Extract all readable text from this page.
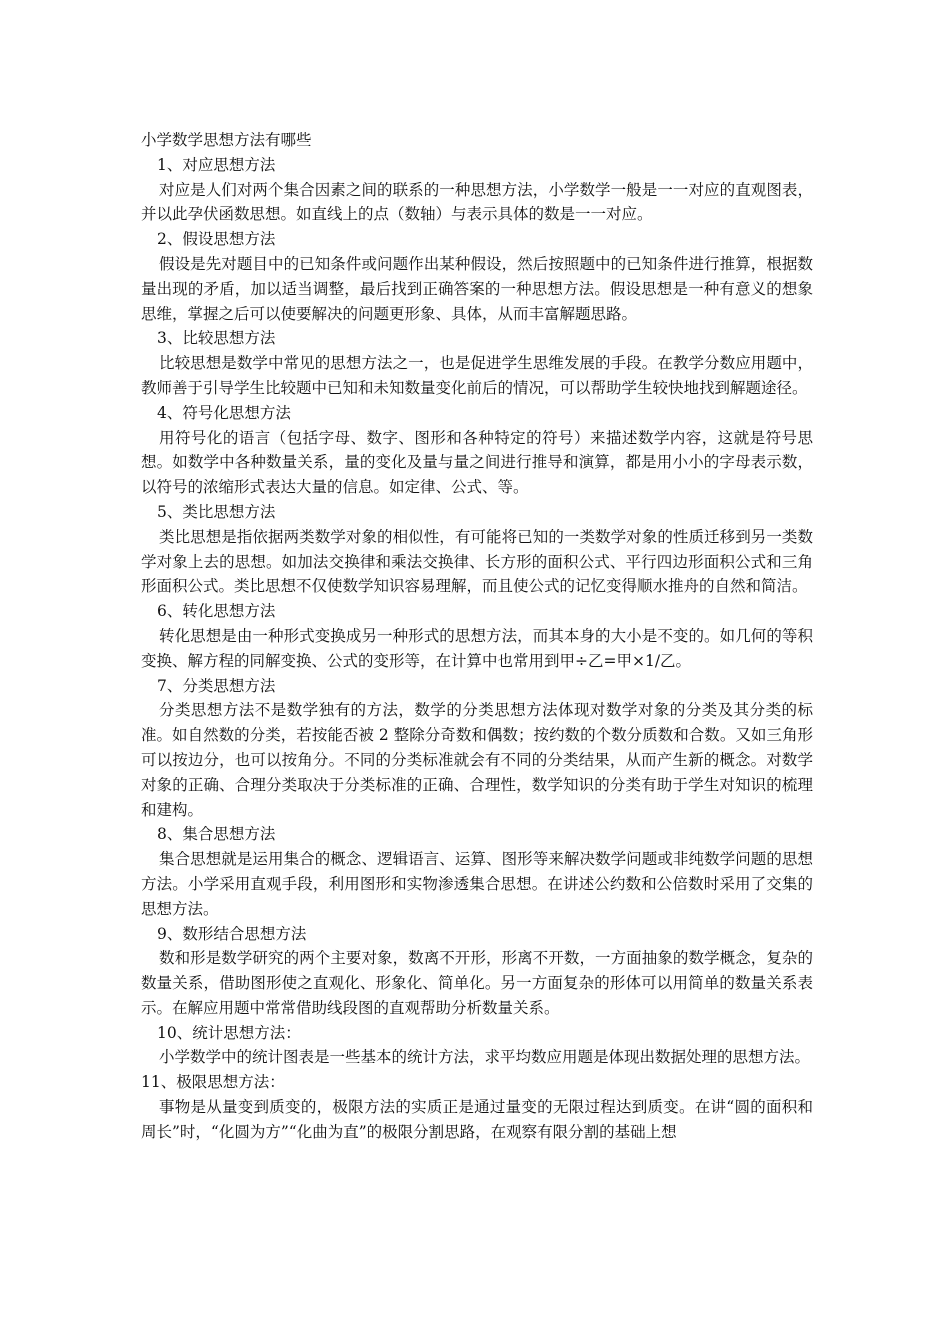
小学数学思想方法有哪些

1、对应思想方法

对应是人们对两个集合因素之间的联系的一种思想方法，小学数学一般是一一对应的直观图表，并以此孕伏函数思想。如直线上的点（数轴）与表示具体的数是一一对应。

2、假设思想方法

假设是先对题目中的已知条件或问题作出某种假设，然后按照题中的已知条件进行推算，根据数量出现的矛盾，加以适当调整，最后找到正确答案的一种思想方法。假设思想是一种有意义的想象思维，掌握之后可以使要解决的问题更形象、具体，从而丰富解题思路。

3、比较思想方法

比较思想是数学中常见的思想方法之一，也是促进学生思维发展的手段。在教学分数应用题中，教师善于引导学生比较题中已知和未知数量变化前后的情况，可以帮助学生较快地找到解题途径。

4、符号化思想方法

用符号化的语言（包括字母、数字、图形和各种特定的符号）来描述数学内容，这就是符号思想。如数学中各种数量关系，量的变化及量与量之间进行推导和演算，都是用小小的字母表示数，以符号的浓缩形式表达大量的信息。如定律、公式、等。

5、类比思想方法

类比思想是指依据两类数学对象的相似性，有可能将已知的一类数学对象的性质迁移到另一类数学对象上去的思想。如加法交换律和乘法交换律、长方形的面积公式、平行四边形面积公式和三角形面积公式。类比思想不仅使数学知识容易理解，而且使公式的记忆变得顺水推舟的自然和简洁。

6、转化思想方法

转化思想是由一种形式变换成另一种形式的思想方法，而其本身的大小是不变的。如几何的等积变换、解方程的同解变换、公式的变形等，在计算中也常用到甲÷乙=甲×1/乙。

7、分类思想方法

分类思想方法不是数学独有的方法，数学的分类思想方法体现对数学对象的分类及其分类的标准。如自然数的分类，若按能否被 2 整除分奇数和偶数；按约数的个数分质数和合数。又如三角形可以按边分，也可以按角分。不同的分类标准就会有不同的分类结果，从而产生新的概念。对数学对象的正确、合理分类取决于分类标准的正确、合理性，数学知识的分类有助于学生对知识的梳理和建构。

8、集合思想方法

集合思想就是运用集合的概念、逻辑语言、运算、图形等来解决数学问题或非纯数学问题的思想方法。小学采用直观手段，利用图形和实物渗透集合思想。在讲述公约数和公倍数时采用了交集的思想方法。

9、数形结合思想方法

数和形是数学研究的两个主要对象，数离不开形，形离不开数，一方面抽象的数学概念，复杂的数量关系，借助图形使之直观化、形象化、简单化。另一方面复杂的形体可以用简单的数量关系表示。在解应用题中常常借助线段图的直观帮助分析数量关系。

10、统计思想方法：

小学数学中的统计图表是一些基本的统计方法，求平均数应用题是体现出数据处理的思想方法。

11、极限思想方法：

事物是从量变到质变的，极限方法的实质正是通过量变的无限过程达到质变。在讲“圆的面积和周长”时，“化圆为方”“化曲为直”的极限分割思路，在观察有限分割的基础上想
